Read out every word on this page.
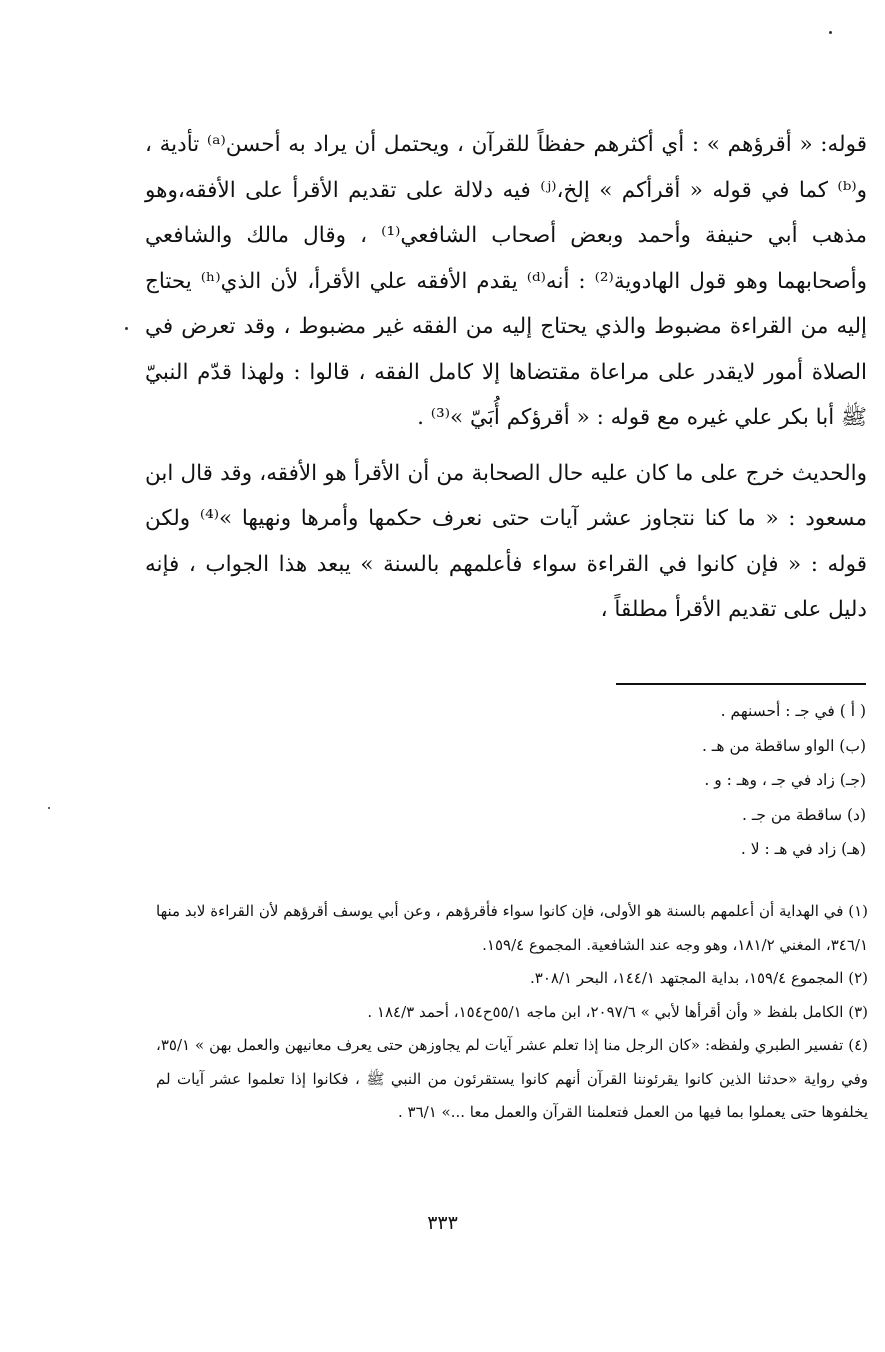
قوله: « أقرؤهم » : أي أكثرهم حفظاً للقرآن ، ويحتمل أن يراد به أحسن⁽ᵃ⁾ تأدية ، و⁽ᵇ⁾ كما في قوله « أقرأكم » إلخ،⁽ʲ⁾ فيه دلالة على تقديم الأقرأ على الأفقه،وهو مذهب أبي حنيفة وأحمد وبعض أصحاب الشافعي⁽¹⁾ ، وقال مالك والشافعي وأصحابهما وهو قول الهادوية⁽²⁾ : أنه⁽ᵈ⁾ يقدم الأفقه علي الأقرأ، لأن الذي⁽ʰ⁾ يحتاج إليه من القراءة مضبوط والذي يحتاج إليه من الفقه غير مضبوط ، وقد تعرض في الصلاة أمور لايقدر على مراعاة مقتضاها إلا كامل الفقه ، قالوا : ولهذا قدّم النبيّ ﷺ أبا بكر علي غيره مع قوله : « أقرؤكم أُبَيّ »⁽³⁾ .

والحديث خرج على ما كان عليه حال الصحابة من أن الأقرأ هو الأفقه، وقد قال ابن مسعود : « ما كنا نتجاوز عشر آيات حتى نعرف حكمها وأمرها ونهيها »⁽⁴⁾ ولكن قوله : « فإن كانوا في القراءة سواء فأعلمهم بالسنة » يبعد هذا الجواب ، فإنه دليل على تقديم الأقرأ مطلقاً ،

( أ ) في جـ : أحسنهم .
(ب) الواو ساقطة من هـ .
(جـ) زاد في جـ ، وهـ : و .
(د) ساقطة من جـ .
(هـ) زاد في هـ : لا .

(١) في الهداية أن أعلمهم بالسنة هو الأولى، فإن كانوا سواء فأقرؤهم ، وعن أبي يوسف أقرؤهم لأن القراءة لابد منها ٣٤٦/١، المغني ١٨١/٢، وهو وجه عند الشافعية. المجموع ١٥٩/٤.

(٢) المجموع ١٥٩/٤، بداية المجتهد ١٤٤/١، البحر ٣٠٨/١.

(٣) الكامل بلفظ « وأن أقرأها لأبي » ٢٠٩٧/٦، ابن ماجه ٥٥/١ح١٥٤، أحمد ١٨٤/٣ .

(٤) تفسير الطبري ولفظه: «كان الرجل منا إذا تعلم عشر آيات لم يجاوزهن حتى يعرف معانيهن والعمل بهن » ٣٥/١، وفي رواية «حدثنا الذين كانوا يقرئوننا القرآن أنهم كانوا يستقرئون من النبي ﷺ ، فكانوا إذا تعلموا عشر آيات لم يخلفوها حتى يعملوا بما فيها من العمل فتعلمنا القرآن والعمل معا ...» ٣٦/١ .

٣٣٣
